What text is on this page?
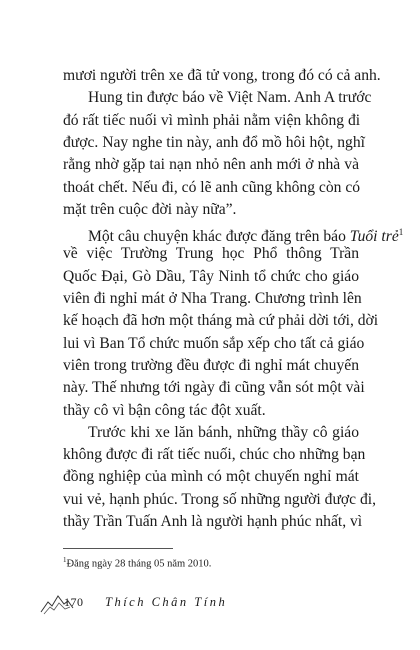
mươi người trên xe đã tử vong, trong đó có cả anh.
Hung tin được báo về Việt Nam. Anh A trước
đó rất tiếc nuối vì mình phải nằm viện không đi
được. Nay nghe tin này, anh đổ mồ hôi hột, nghĩ
rằng nhờ gặp tai nạn nhỏ nên anh mới ở nhà và
thoát chết. Nếu đi, có lẽ anh cũng không còn có
mặt trên cuộc đời này nữa”.
Một câu chuyện khác được đăng trên báo Tuổi trẻ$^1$
về việc Trường Trung học Phổ thông Trần
Quốc Đại, Gò Dầu, Tây Ninh tổ chức cho giáo
viên đi nghỉ mát ở Nha Trang. Chương trình lên
kế hoạch đã hơn một tháng mà cứ phải dời tới, dời
lui vì Ban Tổ chức muốn sắp xếp cho tất cả giáo
viên trong trường đều được đi nghỉ mát chuyến
này. Thế nhưng tới ngày đi cũng vẫn sót một vài
thầy cô vì bận công tác đột xuất.
Trước khi xe lăn bánh, những thầy cô giáo
không được đi rất tiếc nuối, chúc cho những bạn
đồng nghiệp của mình có một chuyến nghỉ mát
vui vẻ, hạnh phúc. Trong số những người được đi,
thầy Trần Tuấn Anh là người hạnh phúc nhất, vì
$^1$Đăng ngày 28 tháng 05 năm 2010.
170 Thích Chân Tính
